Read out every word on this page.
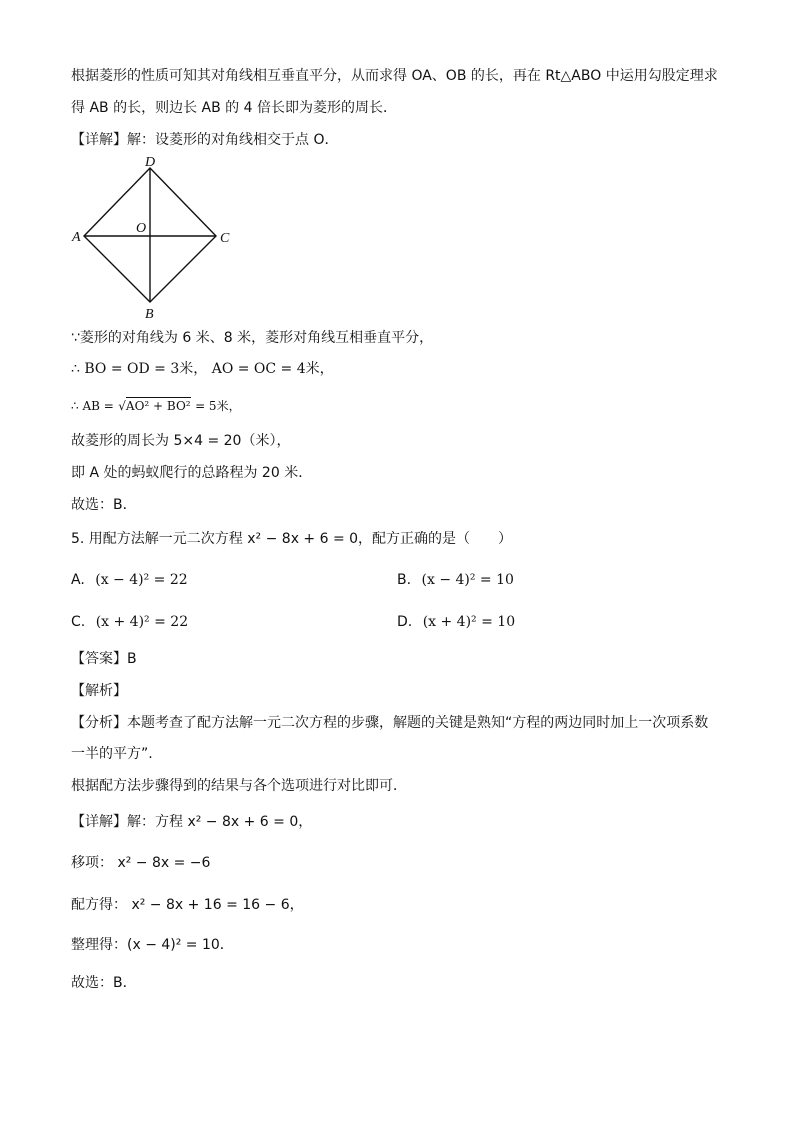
根据菱形的性质可知其对角线相互垂直平分，从而求得 OA、OB 的长，再在 Rt△ABO 中运用勾股定理求
得 AB 的长，则边长 AB 的 4 倍长即为菱形的周长．
【详解】解：设菱形的对角线相交于点 O．
D
A
O
C
B
∵菱形的对角线为 6 米、8 米，菱形对角线互相垂直平分，
∴ BO = OD = 3米， AO = OC = 4米，
∴ AB = √AO² + BO² = 5米，
故菱形的周长为 5×4 = 20（米），
即 A 处的蚂蚁爬行的总路程为 20 米．
故选：B．
5. 用配方法解一元二次方程 x² − 8x + 6 = 0，配方正确的是（　　）
A. (x − 4)² = 22	B. (x − 4)² = 10
C. (x + 4)² = 22	D. (x + 4)² = 10
【答案】B
【解析】
【分析】本题考查了配方法解一元二次方程的步骤，解题的关键是熟知“方程的两边同时加上一次项系数
一半的平方”.
根据配方法步骤得到的结果与各个选项进行对比即可．
【详解】解：方程 x² − 8x + 6 = 0，
移项： x² − 8x = −6
配方得： x² − 8x + 16 = 16 − 6，
整理得：(x − 4)² = 10．
故选：B．
